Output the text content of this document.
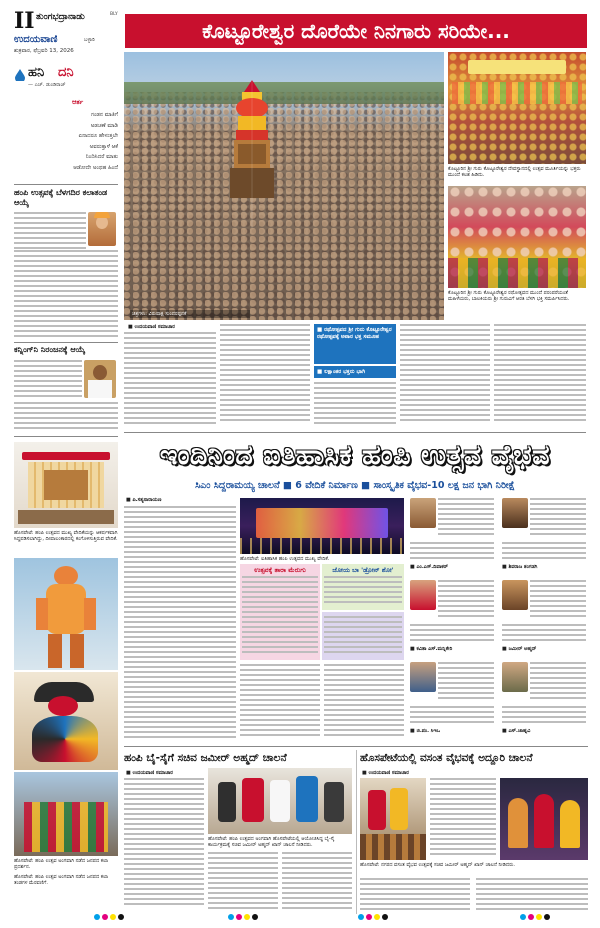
II ತುಂಗಭದ್ರಾನಾಡು	BLY
ಉದಯವಾಣಿ	ಬಳ್ಳಾರಿ
ಶುಕ್ರವಾರ, ಫೆಬ್ರವರಿ 13, 2026
ಕೊಟ್ಟೂರೇಶ್ವರ ದೊರೆಯೇ ನಿನಗಾರು ಸರಿಯೇ...
ಹನಿ ದನಿ
— ಎಚ್. ಡುಂಡಿರಾಜ್
ಆರ್ತ
ಗಂಡನ ಮಾತಿಗೆ
ಅಡಚಣೆ ಮಾಡಿ
ಏನಾದರೂ ಹೇಳುತ್ತಲೇ
ಅವರುತ್ತಾಳೆ ಆಕೆ
ನಿಂದಿಸಿದರೆ ಮಾತು
ಆಡೋದೇ ಅಂಥಹ ಹಿಂದೆ
ಹಂಪಿ ಉತ್ಸವಕ್ಕೆ ಬೆಳಗದಿರ ಕಲಾತಂಡ ಆಯ್ಕೆ
ಕನ್ನಿಂಗ್‌ನಿ ನಿರಂಜನಕ್ಕೆ ಆಯ್ಕೆ
ಚಿತ್ರಗಳು: ವಿರುಪಾಕ್ಷ ಸುಂದರಪ್ಪನಕೆ
ಕೊಟ್ಟೂರಿನ ಶ್ರೀ ಗುರು ಕೊಟ್ಟೂರೇಶ್ವರ ದೇವಸ್ಥಾನದಲ್ಲಿ ಉತ್ಸವ ಮೂರ್ತಿಯನ್ನು ಭಕ್ತರು ಮುಂದೆ ಕಲಶ ಹಿಡಿದು.
ಕೊಟ್ಟೂರಿನ ಶ್ರೀ ಗುರು ಕೊಟ್ಟೂರೇಶ್ವರ ರಥೋತ್ಸವದ ಮುಂದೆ ಪರಂಪರೆಯಂತೆ ಮಹಿಳೆಯರು, ಬಾಲಕಿಯರು ಶ್ರೀ ಗುರುವಿಗೆ ಆರತಿ ಬೆಳಗಿ ಭಕ್ತಿ ಸಮರ್ಪಿಸಿದರು.
■ ಉದಯವಾಣಿ ಸಮಾಚಾರ	■ ರಥೋತ್ಸವದ ಶ್ರೀ ಗುರು ಕೊಟ್ಟೂರೇಶ್ವರ ರಥೋತ್ಸವಕ್ಕೆ ಅಪಾರ ಭಕ್ತ ಸಮೂಹ
■ ಲಕ್ಷಾಂತರ ಭಕ್ತರು ಭಾಗಿ
ಇಂದಿನಿಂದ ಐತಿಹಾಸಿಕ ಹಂಪಿ ಉತ್ಸವ ವೈಭವ
ಸಿಎಂ ಸಿದ್ದರಾಮಯ್ಯ ಚಾಲನೆ ■ 6 ವೇದಿಕೆ ನಿರ್ಮಾಣ ■ ಸಾಂಸ್ಕೃತಿಕ ವೈಭವ-10 ಲಕ್ಷ ಜನ ಭಾಗಿ ನಿರೀಕ್ಷೆ
ಹೊಸಪೇಟೆ: ಹಂಪಿ ಉತ್ಸವದ ಮುಖ್ಯ ವೇದಿಕೆಯನ್ನು ಆಕರ್ಷಕವಾಗಿ ಸಿದ್ಧಪಡಿಸಲಾಗಿದ್ದು, ದೀಪಾಲಂಕಾರದಲ್ಲಿ ಕಂಗೊಳಿಸುತ್ತಿರುವ ವೇದಿಕೆ.
ಹೊಸಪೇಟೆ: ಹಂಪಿ ಉತ್ಸವ ಅಂಗವಾಗಿ ನಡೆದ ಜನಪದ ಕಲಾ ಪ್ರದರ್ಶನ.
ಹೊಸಪೇಟೆ: ಹಂಪಿ ಉತ್ಸವ ಅಂಗವಾಗಿ ನಡೆದ ಜನಪದ ಕಲಾ ತಂಡಗಳ ಮೆರವಣಿಗೆ.
■ ಪಿ.ಸತ್ಯನಾರಾಯಣ
ಹೊಸಪೇಟೆ: ಐತಿಹಾಸಿಕ ಹಂಪಿ ಉತ್ಸವದ ಮುಖ್ಯ ವೇದಿಕೆ.
ಉತ್ಸವಕ್ಕೆ ತಾರಾ ಮೆರುಗು	ಜೋಯ ಬಾ 'ಡ್ರೋನ್ ಶೋ'	■ ಎಂ.ಎಸ್.ದಿವಾಕರ್	■ ಶಿವರಾಜ ತಂಗಡಗಿ
■ ಕವಿತಾ ಎಸ್.ಮನ್ನಿಕೇರಿ	■ ಜಮೀರ್ ಅಹ್ಮದ್
■ ಜಿ.ಪಂ. ಸಿಇಒ	■ ಎಸ್.ಜಾಹ್ನವಿ
ಹಂಪಿ ಬೈ-ಸೈಗೆ ಸಚಿವ ಜಮೀರ್ ಅಹ್ಮದ್ ಚಾಲನೆ
■ ಉದಯವಾಣಿ ಸಮಾಚಾರ
ಹೊಸಪೇಟೆ: ಹಂಪಿ ಉತ್ಸವದ ಅಂಗವಾಗಿ ಹೊಸಪೇಟೆಯಲ್ಲಿ ಆಯೋಜಿಸಿದ್ದ ಬೈ-ಸೈ ಕಾರ್ಯಕ್ರಮಕ್ಕೆ ಸಚಿವ ಜಮೀರ್ ಅಹ್ಮದ್ ಖಾನ್ ಚಾಲನೆ ನೀಡಿದರು.
ಹೊಸಪೇಟೆಯಲ್ಲಿ ವಸಂತ ವೈಭವಕ್ಕೆ ಅದ್ದೂರಿ ಚಾಲನೆ
■ ಉದಯವಾಣಿ ಸಮಾಚಾರ
ಹೊಸಪೇಟೆ: ನಗರದ ವಸಂತ ವೈಭವ ಉತ್ಸವಕ್ಕೆ ಸಚಿವ ಜಮೀರ್ ಅಹ್ಮದ್ ಖಾನ್ ಚಾಲನೆ ನೀಡಿದರು.
